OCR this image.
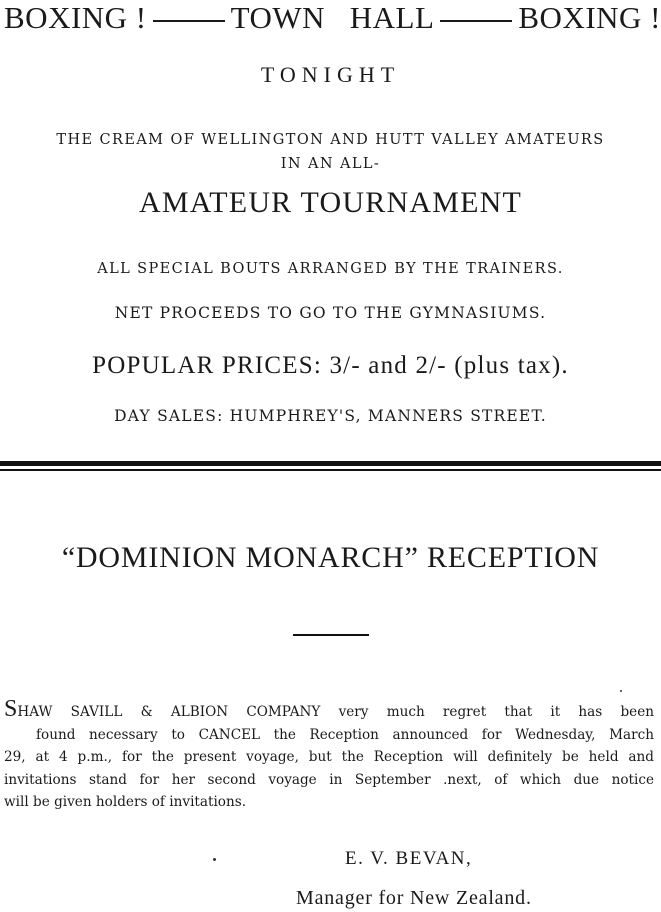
BOXING !	TOWN   HALL	BOXING !
TONIGHT
THE CREAM OF WELLINGTON AND HUTT VALLEY AMATEURS
IN AN ALL-
AMATEUR TOURNAMENT
ALL SPECIAL BOUTS ARRANGED BY THE TRAINERS.
NET PROCEEDS TO GO TO THE GYMNASIUMS.
POPULAR PRICES: 3/- and 2/- (plus tax).
DAY SALES: HUMPHREY'S, MANNERS STREET.
“DOMINION MONARCH” RECEPTION
SHAW SAVILL & ALBION COMPANY very much regret that it has been
found necessary to CANCEL the Reception announced for Wednesday, March
29, at 4 p.m., for the present voyage, but the Reception will definitely be held and
invitations stand for her second voyage in September .next, of which due notice
will be given holders of invitations.
E. V. BEVAN,
Manager for New Zealand.
